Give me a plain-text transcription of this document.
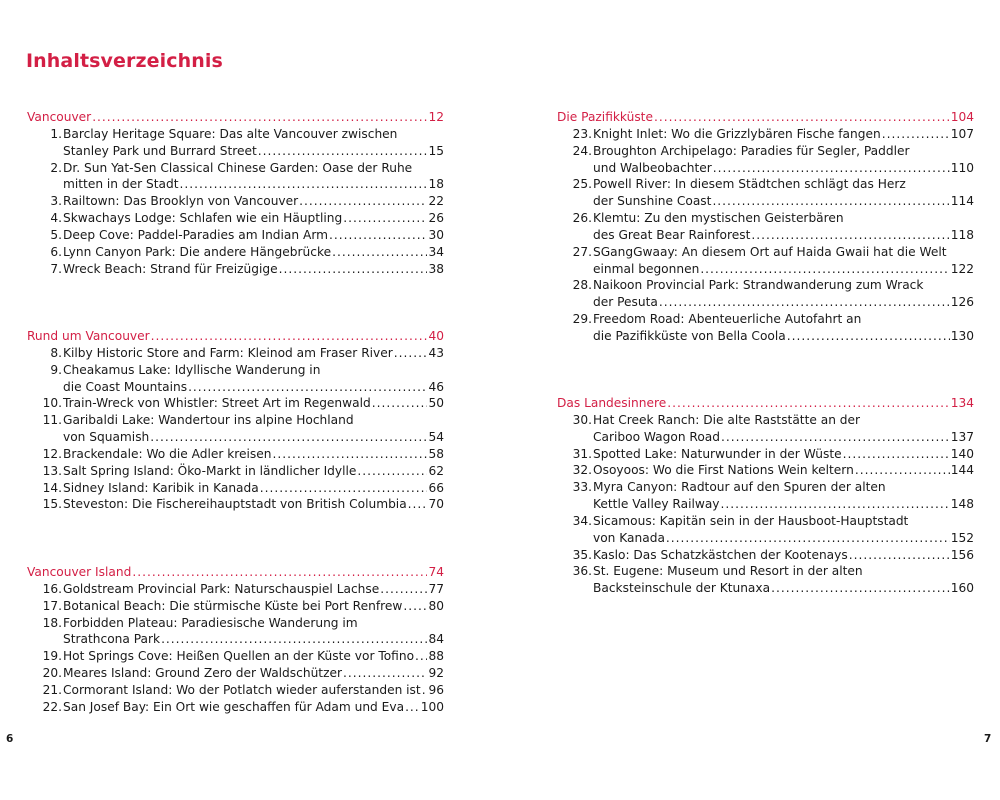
Inhaltsverzeichnis
Vancouver .....	12
1. Barclay Heritage Square: Das alte Vancouver zwischen
Stanley Park und Burrard Street .....	15
2. Dr. Sun Yat-Sen Classical Chinese Garden: Oase der Ruhe
mitten in der Stadt .....	18
3. Railtown: Das Brooklyn von Vancouver .....	22
4. Skwachays Lodge: Schlafen wie ein Häuptling .....	26
5. Deep Cove: Paddel-Paradies am Indian Arm .....	30
6. Lynn Canyon Park: Die andere Hängebrücke .....	34
7. Wreck Beach: Strand für Freizügige .....	38
Rund um Vancouver .....	40
8. Kilby Historic Store and Farm: Kleinod am Fraser River .....	43
9. Cheakamus Lake: Idyllische Wanderung in
die Coast Mountains .....	46
10. Train-Wreck von Whistler: Street Art im Regenwald .....	50
11. Garibaldi Lake: Wandertour ins alpine Hochland
von Squamish .....	54
12. Brackendale: Wo die Adler kreisen .....	58
13. Salt Spring Island: Öko-Markt in ländlicher Idylle .....	62
14. Sidney Island: Karibik in Kanada .....	66
15. Steveston: Die Fischereihauptstadt von British Columbia ..... 70
Vancouver Island .....	74
16. Goldstream Provincial Park: Naturschauspiel Lachse .....	77
17. Botanical Beach: Die stürmische Küste bei Port Renfrew ..... 80
18. Forbidden Plateau: Paradiesische Wanderung im
Strathcona Park .....	84
19. Hot Springs Cove: Heißen Quellen an der Küste vor Tofino ..... 88
20. Meares Island: Ground Zero der Waldschützer .....	92
21. Cormorant Island: Wo der Potlatch wieder auferstanden ist ..... 96
22. San Josef Bay: Ein Ort wie geschaffen für Adam und Eva ..... 100
Die Pazifikküste .....	104
23. Knight Inlet: Wo die Grizzlybären Fische fangen .....	107
24. Broughton Archipelago: Paradies für Segler, Paddler
und Walbeobachter .....	110
25. Powell River: In diesem Städtchen schlägt das Herz
der Sunshine Coast .....	114
26. Klemtu: Zu den mystischen Geisterbären
des Great Bear Rainforest .....	118
27. SGangGwaay: An diesem Ort auf Haida Gwaii hat die Welt
einmal begonnen .....	122
28. Naikoon Provincial Park: Strandwanderung zum Wrack
der Pesuta .....	126
29. Freedom Road: Abenteuerliche Autofahrt an
die Pazifikküste von Bella Coola .....	130
Das Landesinnere .....	134
30. Hat Creek Ranch: Die alte Raststätte an der
Cariboo Wagon Road .....	137
31. Spotted Lake: Naturwunder in der Wüste .....	140
32. Osoyoos: Wo die First Nations Wein keltern .....	144
33. Myra Canyon: Radtour auf den Spuren der alten
Kettle Valley Railway .....	148
34. Sicamous: Kapitän sein in der Hausboot-Hauptstadt
von Kanada .....	152
35. Kaslo: Das Schatzkästchen der Kootenays .....	156
36. St. Eugene: Museum und Resort in der alten
Backsteinschule der Ktunaxa .....	160
6	7
